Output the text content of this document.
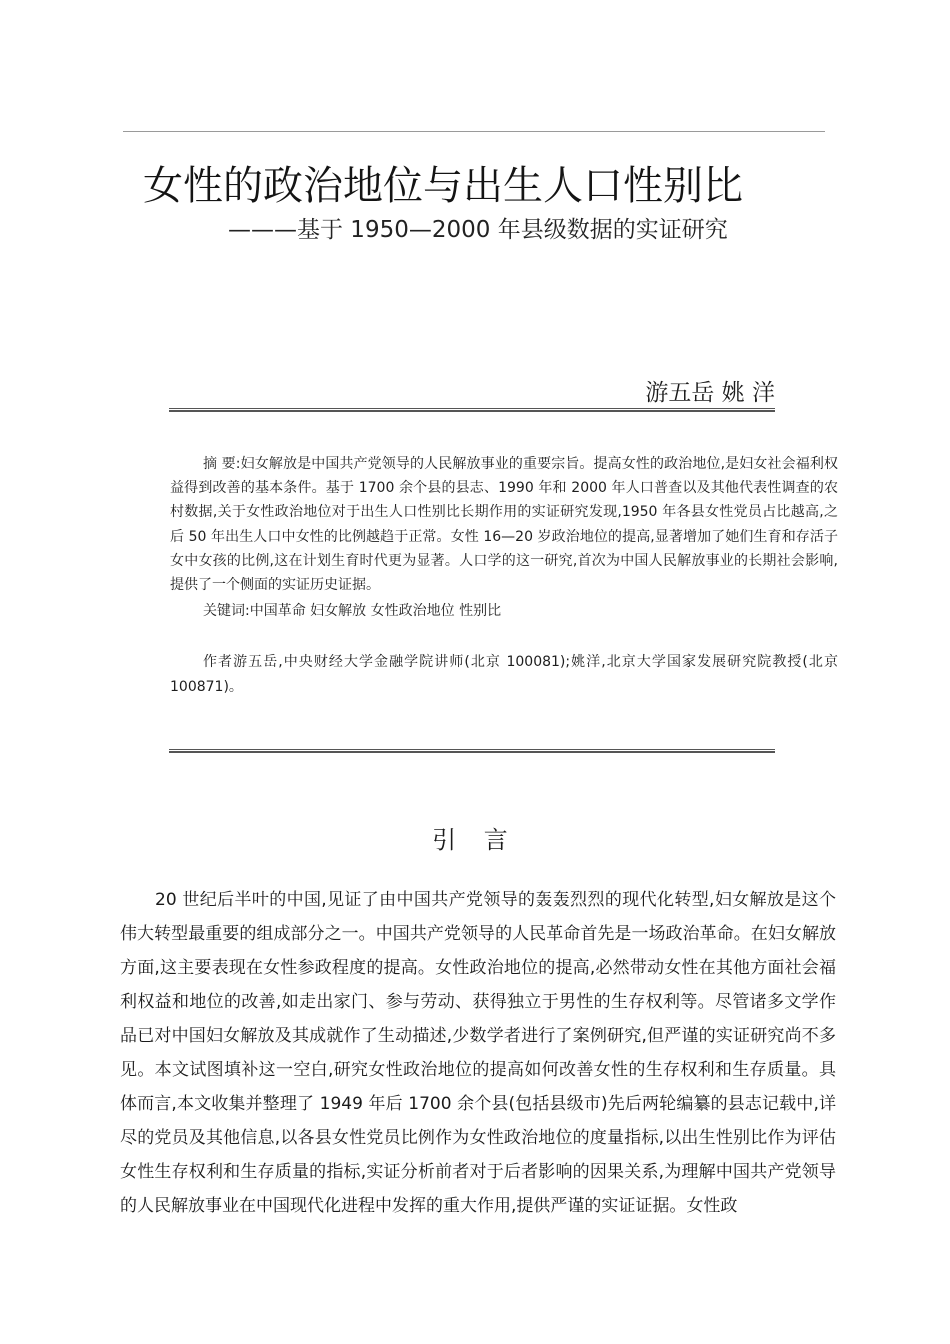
女性的政治地位与出生人口性别比
———基于 1950—2000 年县级数据的实证研究
游五岳 姚 洋

摘 要:妇女解放是中国共产党领导的人民解放事业的重要宗旨。提高女性的政治地位,是妇女社会福利权益得到改善的基本条件。基于 1700 余个县的县志、1990 年和 2000 年人口普查以及其他代表性调查的农村数据,关于女性政治地位对于出生人口性别比长期作用的实证研究发现,1950 年各县女性党员占比越高,之后 50 年出生人口中女性的比例越趋于正常。女性 16—20 岁政治地位的提高,显著增加了她们生育和存活子女中女孩的比例,这在计划生育时代更为显著。人口学的这一研究,首次为中国人民解放事业的长期社会影响,提供了一个侧面的实证历史证据。

关键词:中国革命 妇女解放 女性政治地位 性别比

作者游五岳,中央财经大学金融学院讲师(北京 100081);姚洋,北京大学国家发展研究院教授(北京 100871)。

引 言

20 世纪后半叶的中国,见证了由中国共产党领导的轰轰烈烈的现代化转型,妇女解放是这个伟大转型最重要的组成部分之一。中国共产党领导的人民革命首先是一场政治革命。在妇女解放方面,这主要表现在女性参政程度的提高。女性政治地位的提高,必然带动女性在其他方面社会福利权益和地位的改善,如走出家门、参与劳动、获得独立于男性的生存权利等。尽管诸多文学作品已对中国妇女解放及其成就作了生动描述,少数学者进行了案例研究,但严谨的实证研究尚不多见。本文试图填补这一空白,研究女性政治地位的提高如何改善女性的生存权利和生存质量。具体而言,本文收集并整理了 1949 年后 1700 余个县(包括县级市)先后两轮编纂的县志记载中,详尽的党员及其他信息,以各县女性党员比例作为女性政治地位的度量指标,以出生性别比作为评估女性生存权利和生存质量的指标,实证分析前者对于后者影响的因果关系,为理解中国共产党领导的人民解放事业在中国现代化进程中发挥的重大作用,提供严谨的实证证据。女性政
